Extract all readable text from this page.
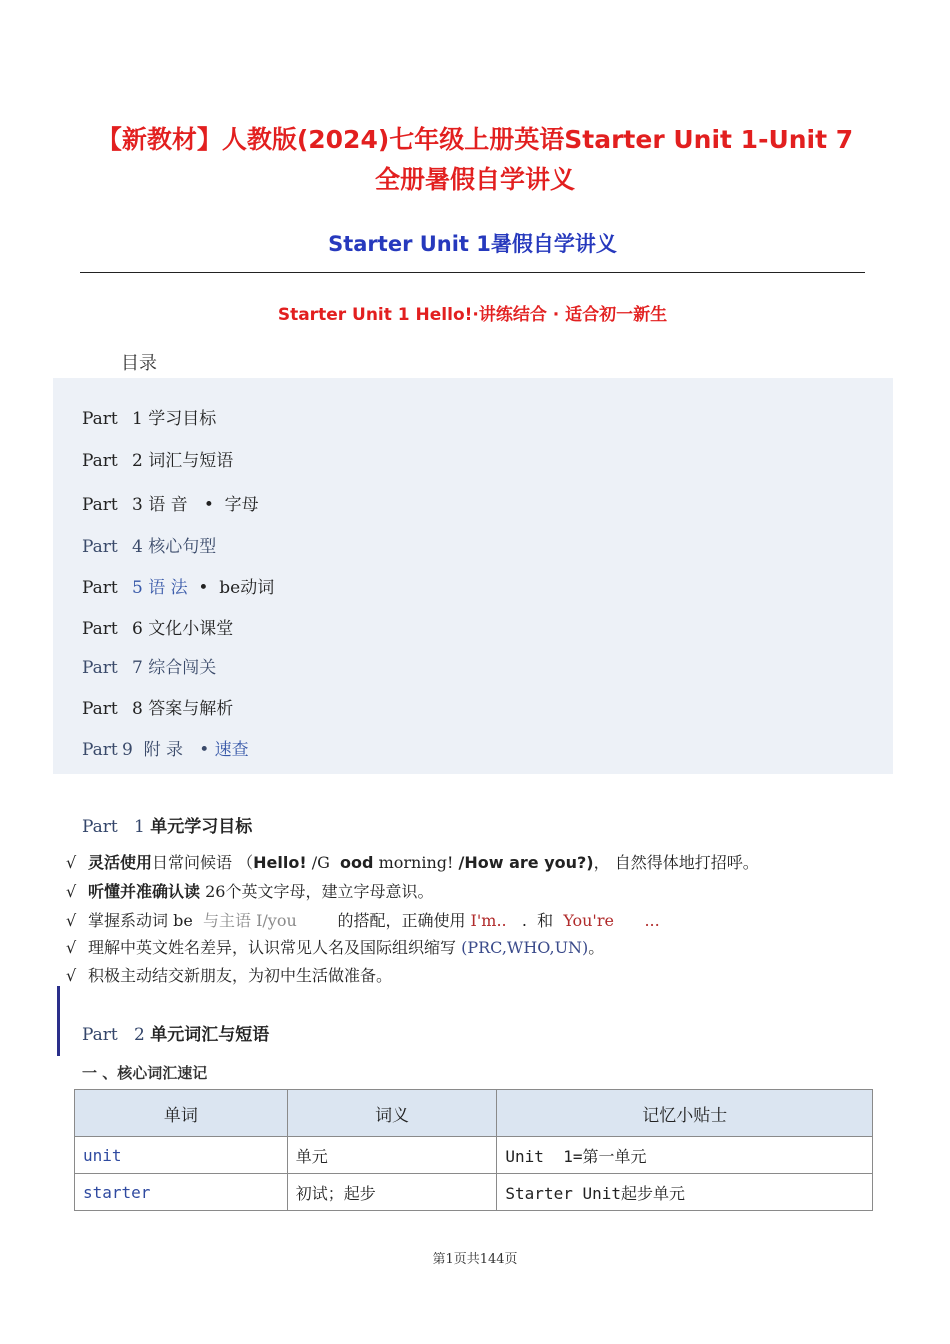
【新教材】人教版(2024)七年级上册英语Starter Unit 1-Unit 7
全册暑假自学讲义
Starter Unit 1暑假自学讲义
Starter Unit 1 Hello!·讲练结合 · 适合初一新生
目录
Part 1 学习目标
Part 2 词汇与短语
Part 3 语 音   •  字母
Part 4 核心句型
Part 5 语 法  •  be动词
Part 6 文化小课堂
Part 7 综合闯关
Part 8 答案与解析
Part 9  附 录   • 速查
Part   1 单元学习目标
√ 灵活使用日常问候语 （Hello! /G  ood morning! /How are you?)， 自然得体地打招呼。
√ 听懂并准确认读 26个英文字母，建立字母意识。
√ 掌握系动词 be  与主语 I/you        的搭配，正确使用 I'm..   .  和  You're      ...
√ 理解中英文姓名差异，认识常见人名及国际组织缩写 (PRC,WHO,UN)。
√ 积极主动结交新朋友，为初中生活做准备。
Part   2 单元词汇与短语
一 、核心词汇速记
单词	词义	记忆小贴士
unit	单元	Unit  1=第一单元
starter	初试；起步	Starter Unit起步单元
第1页共144页
